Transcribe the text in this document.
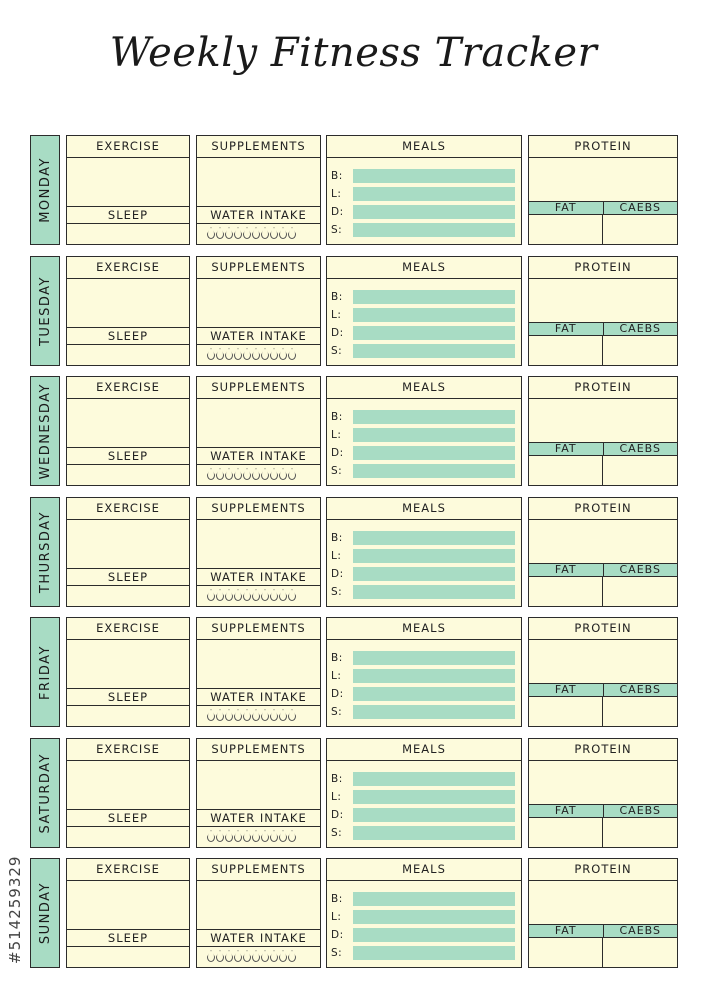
Weekly Fitness Tracker
#514259329
MONDAY
EXERCISE
SLEEP
SUPPLEMENTS
WATER INTAKE
MEALS
B:
L:
D:
S:
PROTEIN
FAT	CAEBS
TUESDAY
EXERCISE
SLEEP
SUPPLEMENTS
WATER INTAKE
MEALS
B:
L:
D:
S:
PROTEIN
FAT	CAEBS
WEDNESDAY	EXERCISE
SLEEP
SUPPLEMENTS
WATER INTAKE
MEALS
B:
L:
D:
S:
PROTEIN
FAT	CAEBS
THURSDAY
EXERCISE
SLEEP
SUPPLEMENTS
WATER INTAKE
MEALS
B:
L:
D:
S:
PROTEIN
FAT	CAEBS
FRIDAY
EXERCISE
SLEEP
SUPPLEMENTS
WATER INTAKE
MEALS
B:
L:
D:
S:
PROTEIN
FAT	CAEBS
SATURDAY
EXERCISE
SLEEP
SUPPLEMENTS
WATER INTAKE
MEALS
B:
L:
D:
S:
PROTEIN
FAT	CAEBS
SUNDAY
EXERCISE
SLEEP
SUPPLEMENTS
WATER INTAKE
MEALS
B:
L:
D:
S:
PROTEIN
FAT	CAEBS
